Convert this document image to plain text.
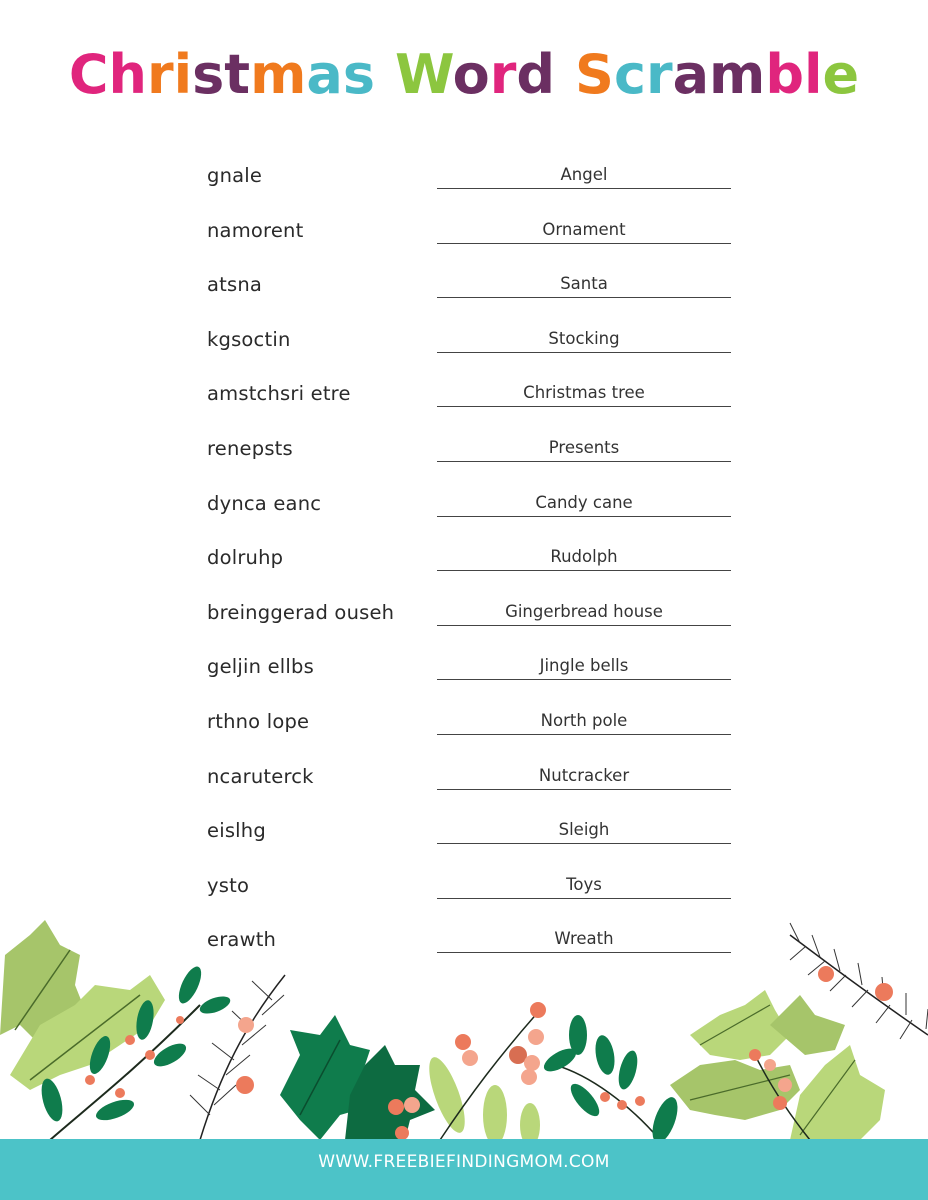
Christmas Word Scramble
gnale	Angel
namorent	Ornament
atsna	Santa
kgsoctin	Stocking
amstchsri etre	Christmas tree
renepsts	Presents
dynca eanc	Candy cane
dolruhp	Rudolph
breinggerad ouseh	Gingerbread house
geljin ellbs	Jingle bells
rthno lope	North pole
ncaruterck	Nutcracker
eislhg	Sleigh
ysto	Toys
erawth	Wreath
WWW.FREEBIEFINDINGMOM.COM
